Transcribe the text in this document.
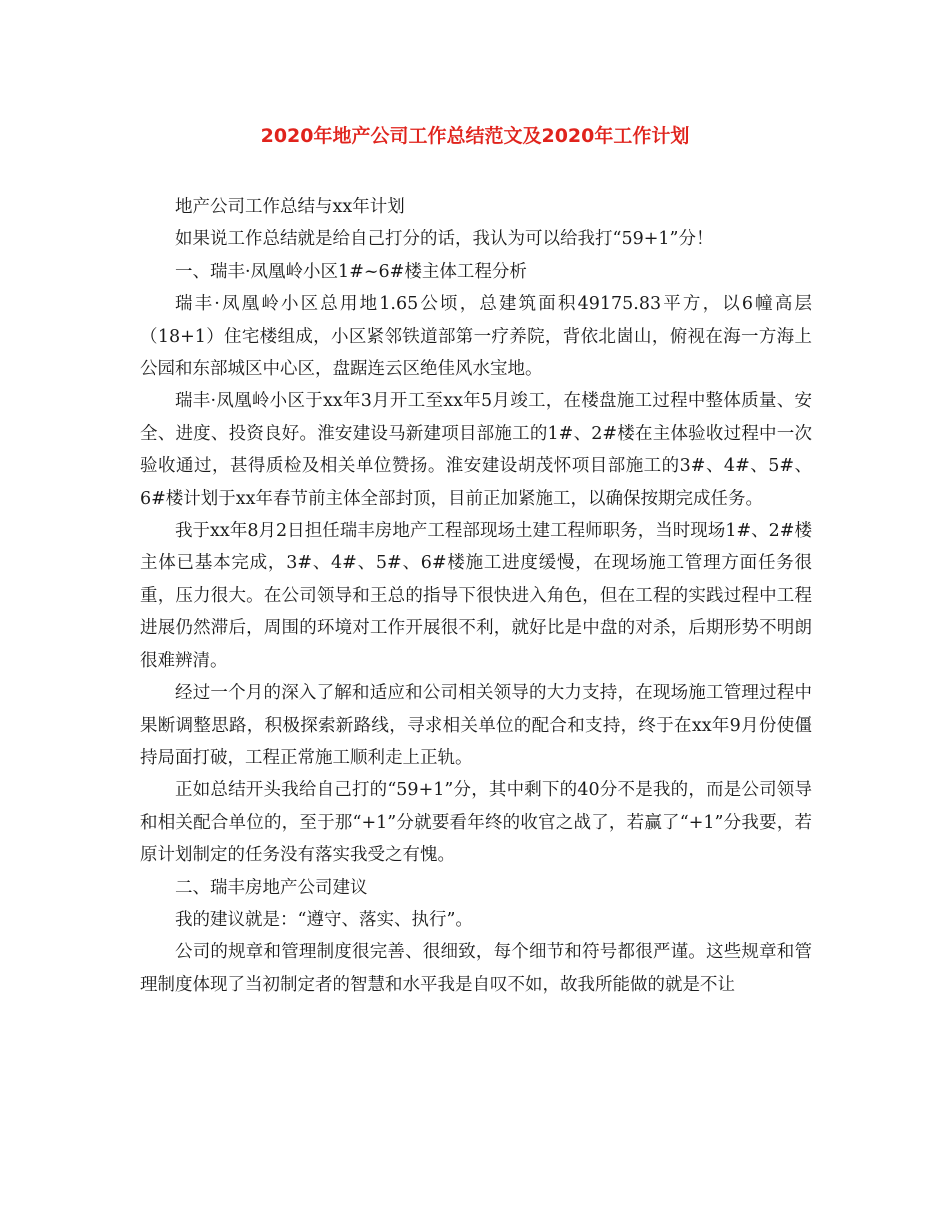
2020年地产公司工作总结范文及2020年工作计划

地产公司工作总结与xx年计划

如果说工作总结就是给自己打分的话，我认为可以给我打“59+1”分！

一、瑞丰·凤凰岭小区1#~6#楼主体工程分析

瑞丰·凤凰岭小区总用地1.65公顷，总建筑面积49175.83平方，以6幢高层（18+1）住宅楼组成，小区紧邻铁道部第一疗养院，背依北崮山，俯视在海一方海上公园和东部城区中心区，盘踞连云区绝佳风水宝地。

瑞丰·凤凰岭小区于xx年3月开工至xx年5月竣工，在楼盘施工过程中整体质量、安全、进度、投资良好。淮安建设马新建项目部施工的1#、2#楼在主体验收过程中一次验收通过，甚得质检及相关单位赞扬。淮安建设胡茂怀项目部施工的3#、4#、5#、6#楼计划于xx年春节前主体全部封顶，目前正加紧施工，以确保按期完成任务。

我于xx年8月2日担任瑞丰房地产工程部现场土建工程师职务，当时现场1#、2#楼主体已基本完成，3#、4#、5#、6#楼施工进度缓慢，在现场施工管理方面任务很重，压力很大。在公司领导和王总的指导下很快进入角色，但在工程的实践过程中工程进展仍然滞后，周围的环境对工作开展很不利，就好比是中盘的对杀，后期形势不明朗很难辨清。

经过一个月的深入了解和适应和公司相关领导的大力支持，在现场施工管理过程中果断调整思路，积极探索新路线，寻求相关单位的配合和支持，终于在xx年9月份使僵持局面打破，工程正常施工顺利走上正轨。

正如总结开头我给自己打的“59+1”分，其中剩下的40分不是我的，而是公司领导和相关配合单位的，至于那“+1”分就要看年终的收官之战了，若赢了“+1”分我要，若原计划制定的任务没有落实我受之有愧。

二、瑞丰房地产公司建议

我的建议就是：“遵守、落实、执行”。

公司的规章和管理制度很完善、很细致，每个细节和符号都很严谨。这些规章和管理制度体现了当初制定者的智慧和水平我是自叹不如，故我所能做的就是不让
